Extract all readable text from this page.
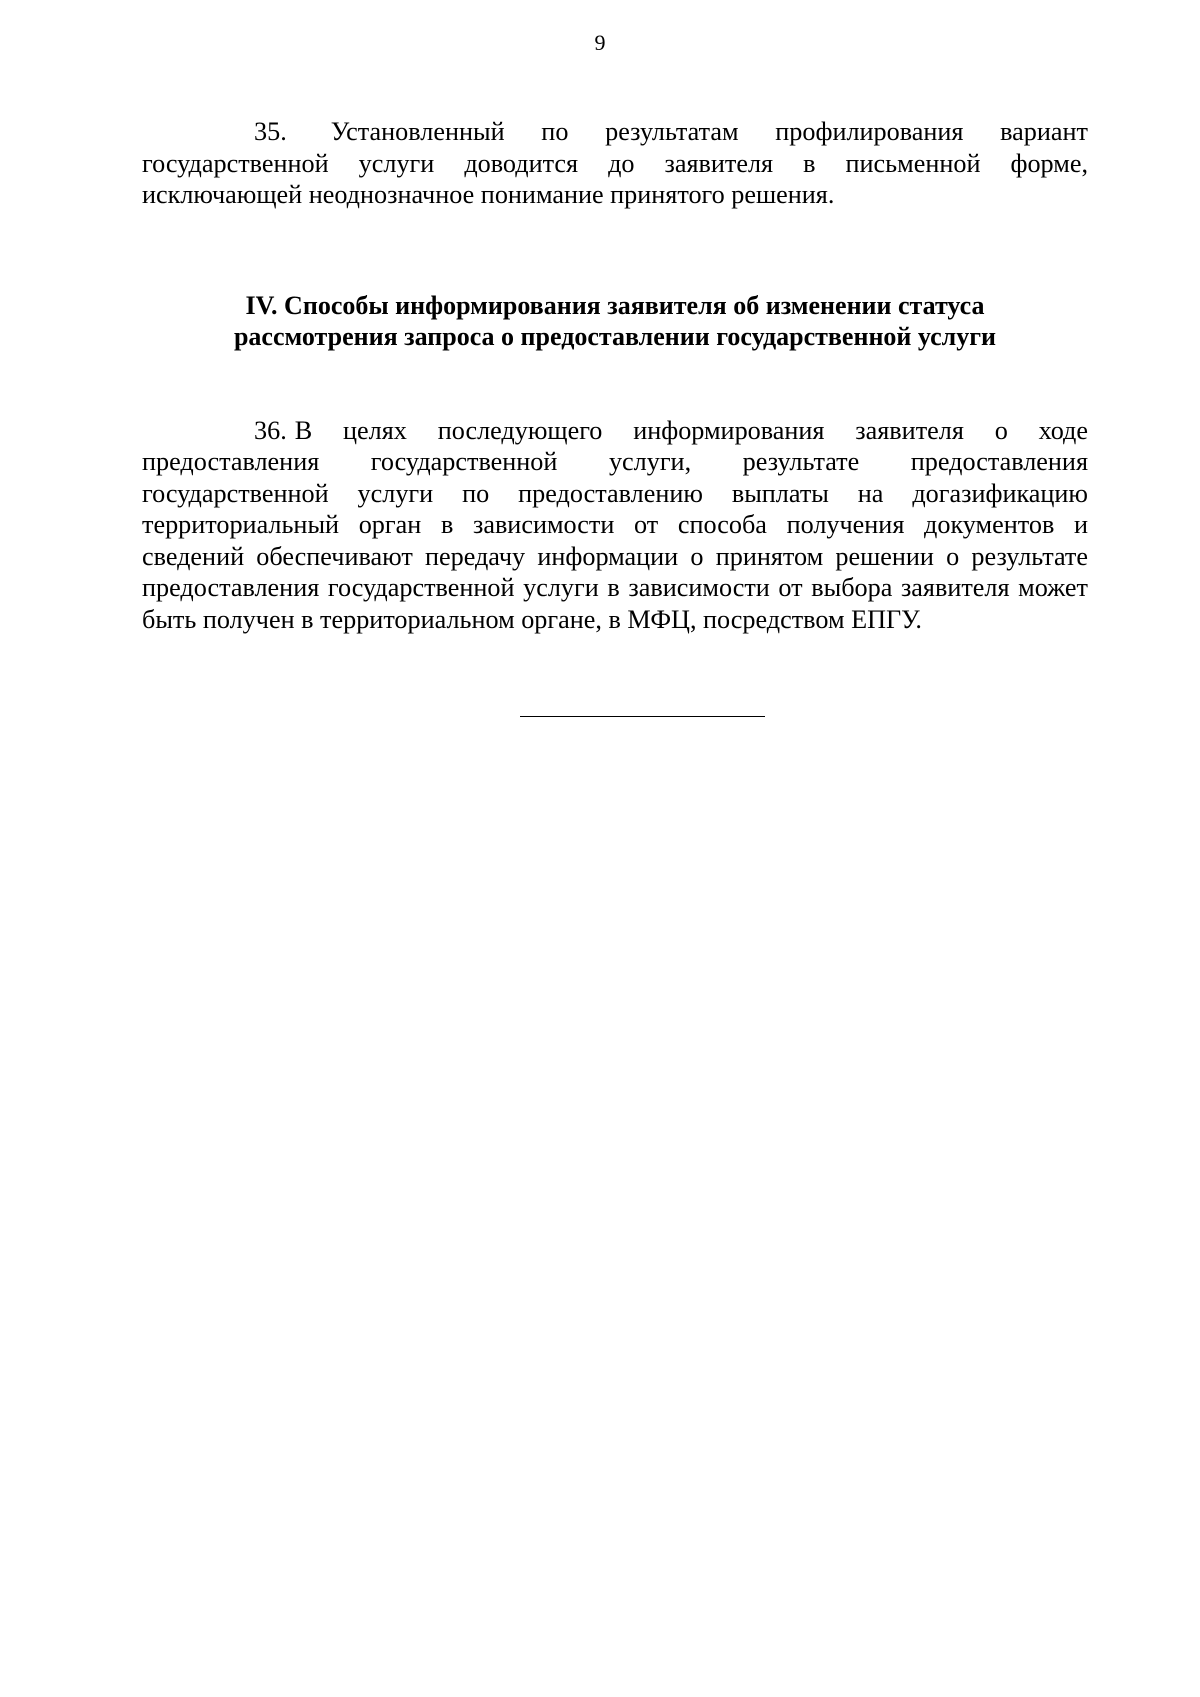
9

35. Установленный по результатам профилирования вариант государственной услуги доводится до заявителя в письменной форме, исключающей неоднозначное понимание принятого решения.

IV. Способы информирования заявителя об изменении статуса
рассмотрения запроса о предоставлении государственной услуги

36. В целях последующего информирования заявителя о ходе предоставления государственной услуги, результате предоставления государственной услуги по предоставлению выплаты на догазификацию территориальный орган в зависимости от способа получения документов и сведений обеспечивают передачу информации о принятом решении о результате предоставления государственной услуги в зависимости от выбора заявителя может быть получен в территориальном органе, в МФЦ, посредством ЕПГУ.
